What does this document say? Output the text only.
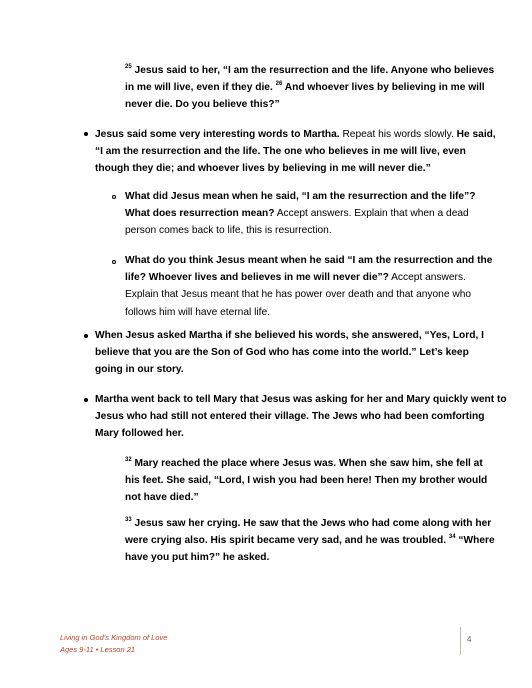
$^{25}$ Jesus said to her, “I am the resurrection and the life. Anyone who believes in me will live, even if they die. $^{26}$ And whoever lives by believing in me will never die. Do you believe this?”

Jesus said some very interesting words to Martha. Repeat his words slowly. He said, “I am the resurrection and the life. The one who believes in me will live, even though they die; and whoever lives by believing in me will never die.”

What did Jesus mean when he said, “I am the resurrection and the life”? What does resurrection mean? Accept answers. Explain that when a dead person comes back to life, this is resurrection.

What do you think Jesus meant when he said “I am the resurrection and the life? Whoever lives and believes in me will never die”? Accept answers. Explain that Jesus meant that he has power over death and that anyone who follows him will have eternal life.

When Jesus asked Martha if she believed his words, she answered, “Yes, Lord, I believe that you are the Son of God who has come into the world.” Let’s keep going in our story.

Martha went back to tell Mary that Jesus was asking for her and Mary quickly went to Jesus who had still not entered their village. The Jews who had been comforting Mary followed her.

$^{32}$ Mary reached the place where Jesus was. When she saw him, she fell at his feet. She said, “Lord, I wish you had been here! Then my brother would not have died.”

$^{33}$ Jesus saw her crying. He saw that the Jews who had come along with her were crying also. His spirit became very sad, and he was troubled. $^{34}$ “Where have you put him?” he asked.

Living in God’s Kingdom of Love
Ages 9-11 • Lesson 21
4
